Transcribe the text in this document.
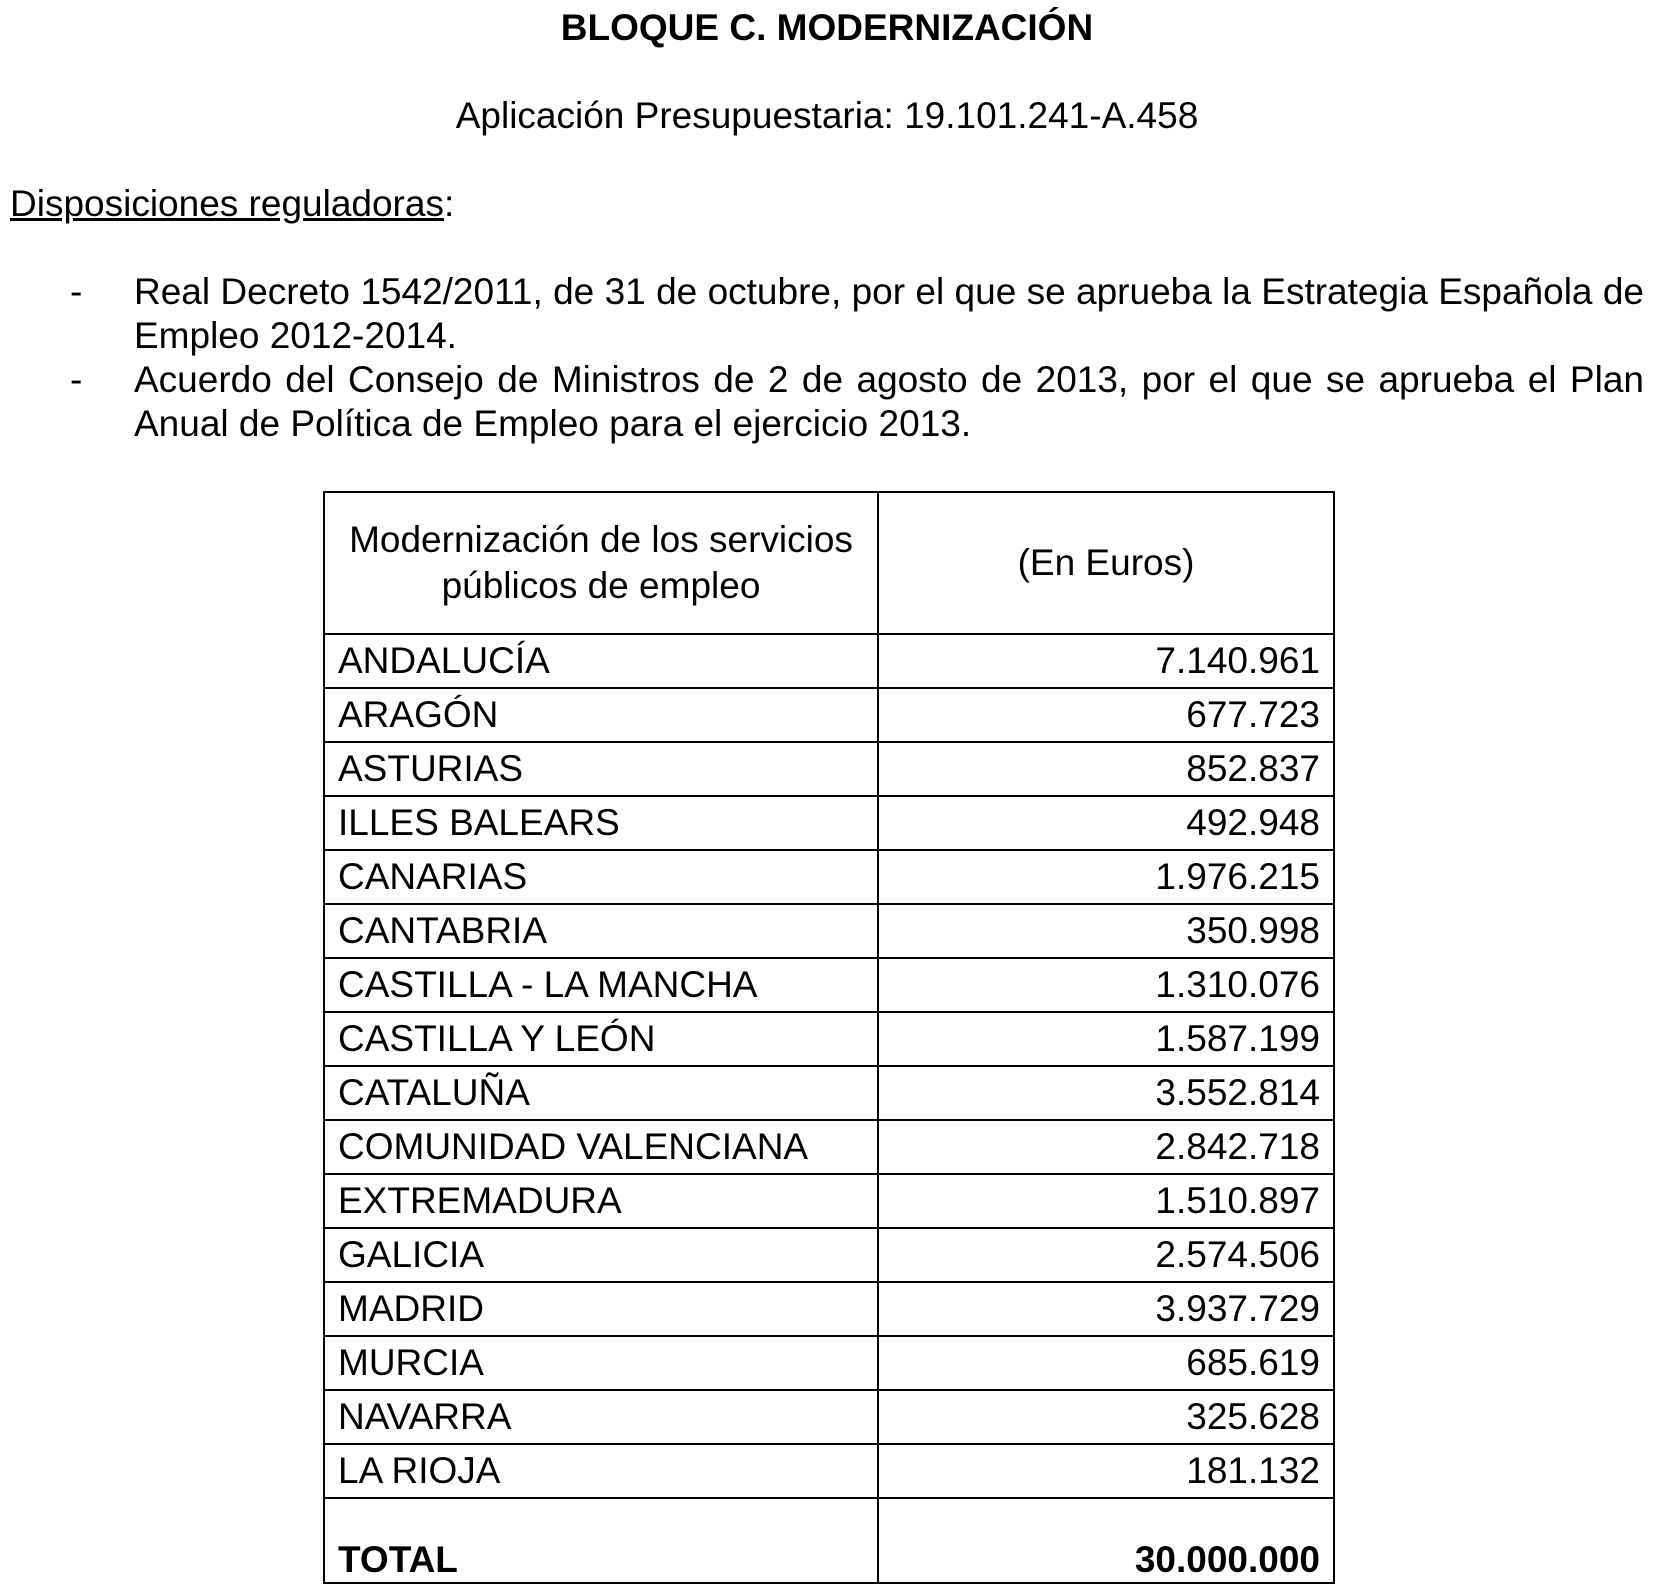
BLOQUE C. MODERNIZACIÓN
Aplicación Presupuestaria: 19.101.241-A.458
Disposiciones reguladoras:
- Real Decreto 1542/2011, de 31 de octubre, por el que se aprueba la Estrategia Española de Empleo 2012-2014.
- Acuerdo del Consejo de Ministros de 2 de agosto de 2013, por el que se aprueba el Plan Anual de Política de Empleo para el ejercicio 2013.
Modernización de los servicios públicos de empleo	(En Euros)
ANDALUCÍA	7.140.961
ARAGÓN	677.723
ASTURIAS	852.837
ILLES BALEARS	492.948
CANARIAS	1.976.215
CANTABRIA	350.998
CASTILLA - LA MANCHA	1.310.076
CASTILLA Y LEÓN	1.587.199
CATALUÑA	3.552.814
COMUNIDAD VALENCIANA	2.842.718
EXTREMADURA	1.510.897
GALICIA	2.574.506
MADRID	3.937.729
MURCIA	685.619
NAVARRA	325.628
LA RIOJA	181.132
TOTAL	30.000.000
